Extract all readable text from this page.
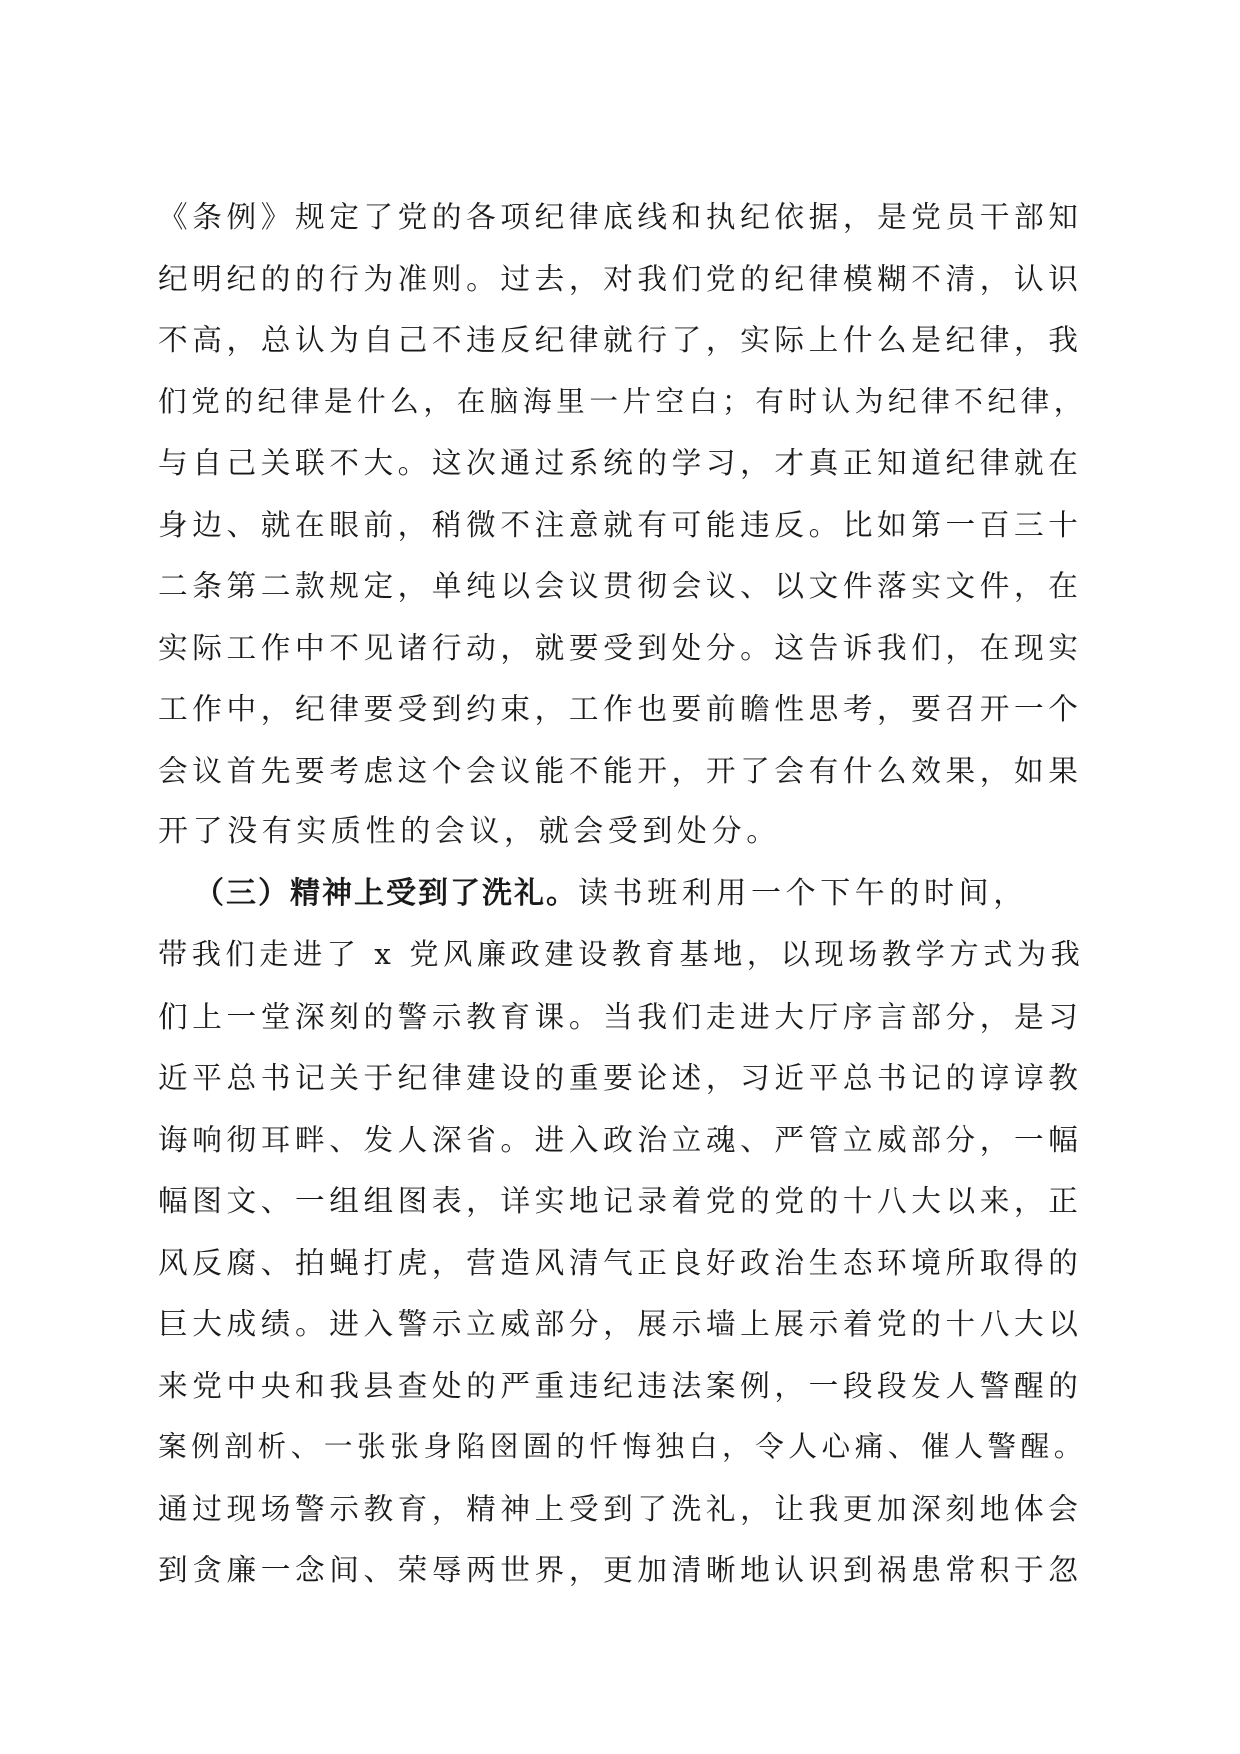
《条例》规定了党的各项纪律底线和执纪依据，是党员干部知
纪明纪的的行为准则。过去，对我们党的纪律模糊不清，认识
不高，总认为自己不违反纪律就行了，实际上什么是纪律，我
们党的纪律是什么，在脑海里一片空白；有时认为纪律不纪律，
与自己关联不大。这次通过系统的学习，才真正知道纪律就在
身边、就在眼前，稍微不注意就有可能违反。比如第一百三十
二条第二款规定，单纯以会议贯彻会议、以文件落实文件，在
实际工作中不见诸行动，就要受到处分。这告诉我们，在现实
工作中，纪律要受到约束，工作也要前瞻性思考，要召开一个
会议首先要考虑这个会议能不能开，开了会有什么效果，如果
开了没有实质性的会议，就会受到处分。
（三）精神上受到了洗礼。读书班利用一个下午的时间，
带我们走进了 x 党风廉政建设教育基地，以现场教学方式为我
们上一堂深刻的警示教育课。当我们走进大厅序言部分，是习
近平总书记关于纪律建设的重要论述，习近平总书记的谆谆教
诲响彻耳畔、发人深省。进入政治立魂、严管立威部分，一幅
幅图文、一组组图表，详实地记录着党的党的十八大以来，正
风反腐、拍蝇打虎，营造风清气正良好政治生态环境所取得的
巨大成绩。进入警示立威部分，展示墙上展示着党的十八大以
来党中央和我县查处的严重违纪违法案例，一段段发人警醒的
案例剖析、一张张身陷囹圄的忏悔独白，令人心痛、催人警醒。
通过现场警示教育，精神上受到了洗礼，让我更加深刻地体会
到贪廉一念间、荣辱两世界，更加清晰地认识到祸患常积于忽
